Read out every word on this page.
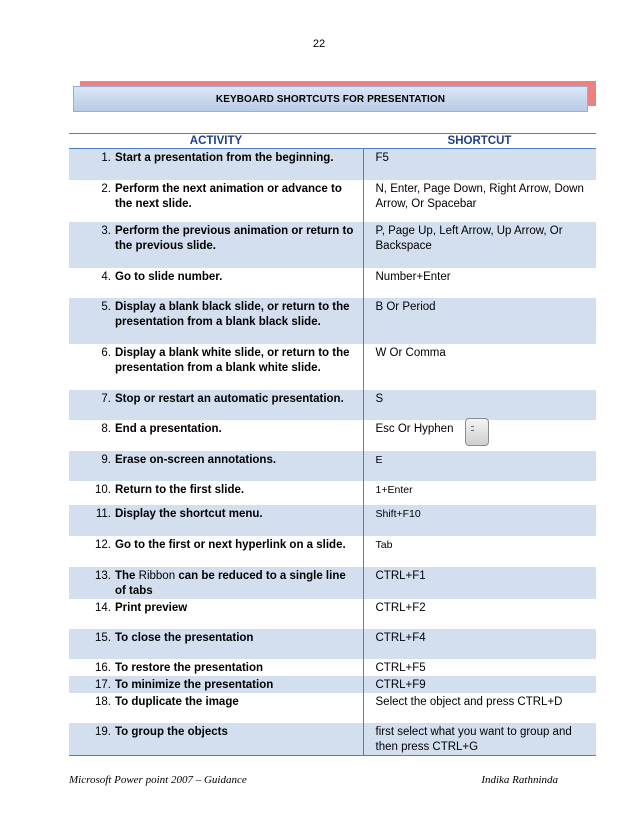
22
KEYBOARD SHORTCUTS FOR PRESENTATION
ACTIVITY	SHORTCUT

1. Start a presentation from the beginning.	F5

2. Perform the next animation or advance to the next slide.	N, Enter, Page Down, Right Arrow, Down Arrow, Or Spacebar

3. Perform the previous animation or return to the previous slide.	P, Page Up, Left Arrow, Up Arrow, Or Backspace

4. Go to slide number.	Number+Enter

5. Display a blank black slide, or return to the presentation from a blank black slide.	B Or Period

6. Display a blank white slide, or return to the presentation from a blank white slide.	W Or Comma

7. Stop or restart an automatic presentation.	S

8. End a presentation.	Esc Or Hyphen

9. Erase on-screen annotations.	E

10. Return to the first slide.	1+Enter

11. Display the shortcut menu.	Shift+F10

12. Go to the first or next hyperlink on a slide.	Tab

13. The Ribbon can be reduced to a single line of tabs	CTRL+F1

14. Print preview	CTRL+F2

15. To close the presentation	CTRL+F4

16. To restore the presentation	CTRL+F5

17. To minimize the presentation	CTRL+F9

18. To duplicate the image	Select the object and press CTRL+D

19. To group the objects	first select what you want to group and then press CTRL+G
Microsoft Power point 2007 – Guidance	Indika Rathninda
